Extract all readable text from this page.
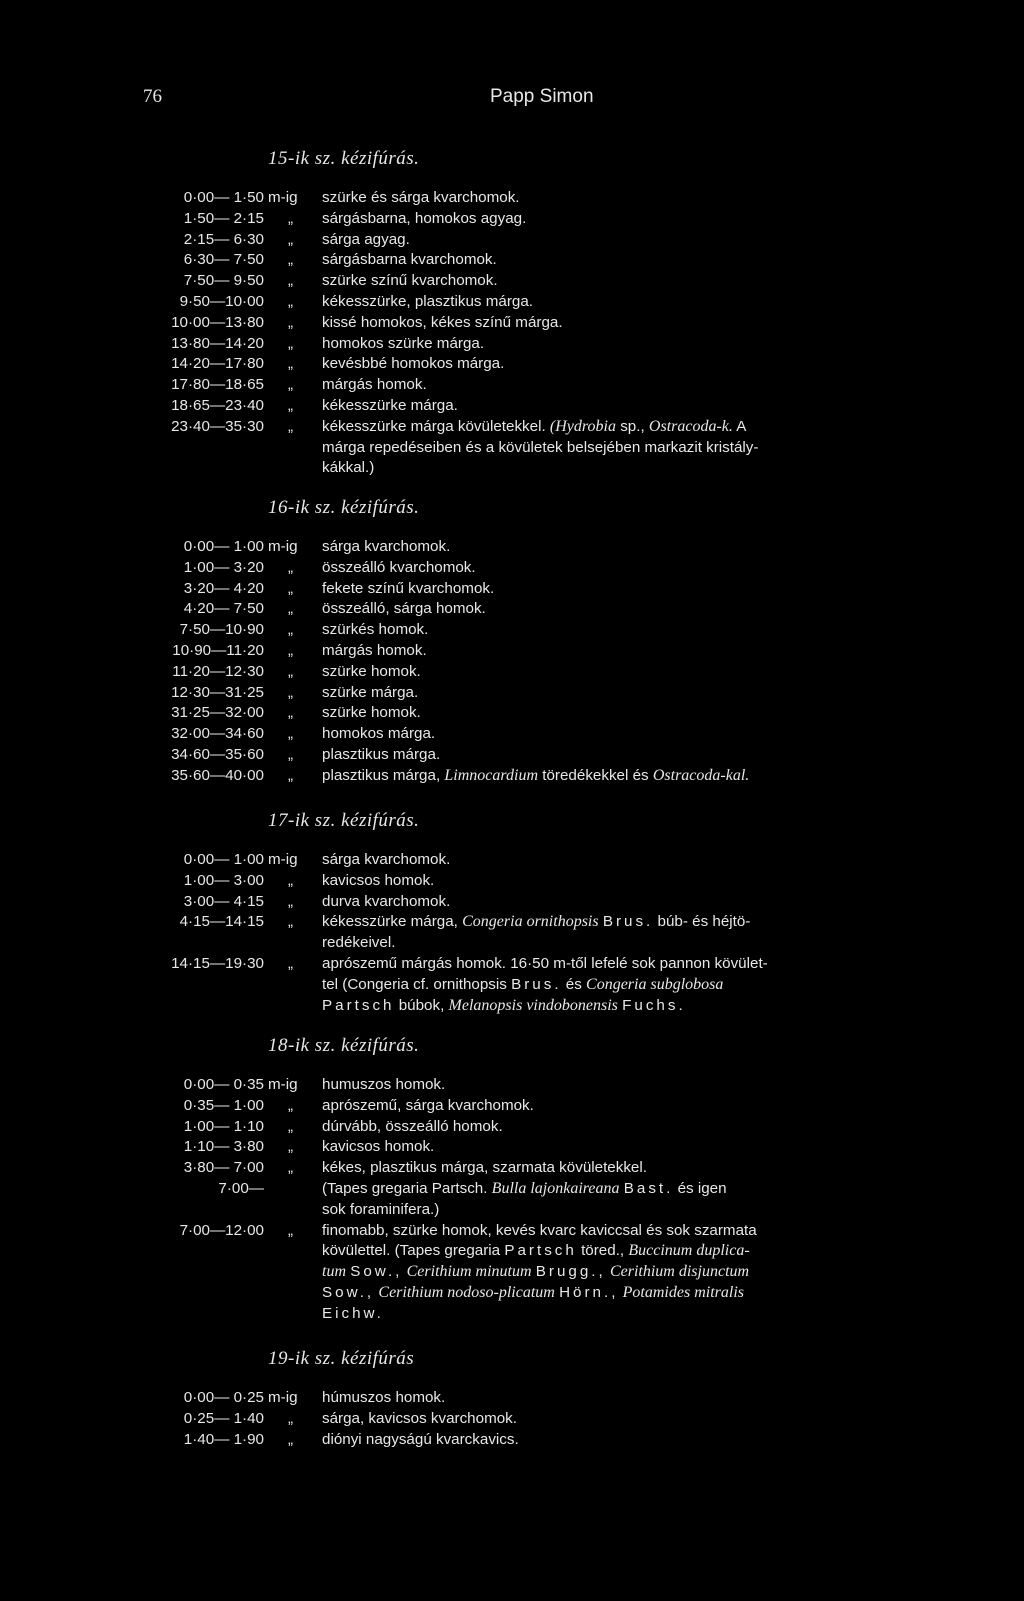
76	Papp Simon
15-ik sz. kézifúrás.
0·00— 1·50 m-ig szürke és sárga kvarchomok.
1·50— 2·15 „ sárgásbarna, homokos agyag.
2·15— 6·30 „ sárga agyag.
6·30— 7·50 „ sárgásbarna kvarchomok.
7·50— 9·50 „ szürke színű kvarchomok.
9·50—10·00 „ kékesszürke, plasztikus márga.
10·00—13·80 „ kissé homokos, kékes színű márga.
13·80—14·20 „ homokos szürke márga.
14·20—17·80 „ kevésbbé homokos márga.
17·80—18·65 „ márgás homok.
18·65—23·40 „ kékesszürke márga.
23·40—35·30 „ kékesszürke márga kövületekkel. (Hydrobia sp., Ostracoda-k. A
márga repedéseiben és a kövületek belsejében markazit kristály-
kákkal.)
16-ik sz. kézifúrás.
0·00— 1·00 m-ig sárga kvarchomok.
1·00— 3·20 „ összeálló kvarchomok.
3·20— 4·20 „ fekete színű kvarchomok.
4·20— 7·50 „ összeálló, sárga homok.
7·50—10·90 „ szürkés homok.
10·90—11·20 „ márgás homok.
11·20—12·30 „ szürke homok.
12·30—31·25 „ szürke márga.
31·25—32·00 „ szürke homok.
32·00—34·60 „ homokos márga.
34·60—35·60 „ plasztikus márga.
35·60—40·00 „ plasztikus márga, Limnocardium töredékekkel és Ostracoda-kal.
17-ik sz. kézifúrás.
0·00— 1·00 m-ig sárga kvarchomok.
1·00— 3·00 „ kavicsos homok.
3·00— 4·15 „ durva kvarchomok.
4·15—14·15 „ kékesszürke márga, Congeria ornithopsis Brus. búb- és héjtö-
redékeivel.
14·15—19·30 „ aprószemű márgás homok. 16·50 m-től lefelé sok pannon kövület-
tel (Congeria cf. ornithopsis Brus. és Congeria subglobosa
Partsch búbok, Melanopsis vindobonensis Fuchs.
18-ik sz. kézifúrás.
0·00— 0·35 m-ig humuszos homok.
0·35— 1·00 „ aprószemű, sárga kvarchomok.
1·00— 1·10 „ dúrvább, összeálló homok.
1·10— 3·80 „ kavicsos homok.
3·80— 7·00 „ kékes, plasztikus márga, szarmata kövületekkel.
7·00—	(Tapes gregaria Partsch. Bulla lajonkaireana Bast. és igen
sok foraminifera.)
7·00—12·00 „ finomabb, szürke homok, kevés kvarc kaviccsal és sok szarmata
kövülettel. (Tapes gregaria Partsch töred., Buccinum duplica-
tum Sow., Cerithium minutum Brugg., Cerithium disjunctum
Sow., Cerithium nodoso-plicatum Hörn., Potamides mitralis
Eichw.
19-ik sz. kézifúrás
0·00— 0·25 m-ig húmuszos homok.
0·25— 1·40 „ sárga, kavicsos kvarchomok.
1·40— 1·90 „ diónyi nagyságú kvarckavics.
